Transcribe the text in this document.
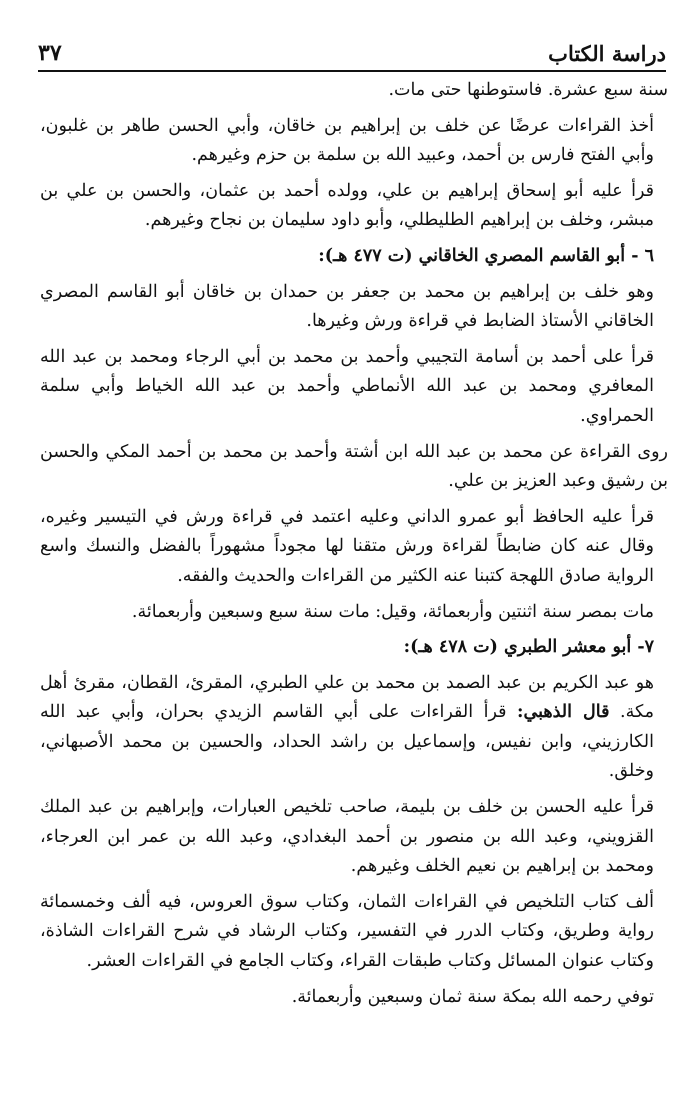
دراسة الكتاب
٣٧

سنة سبع عشرة. فاستوطنها حتى مات.

أخذ القراءات عرضًا عن خلف بن إبراهيم بن خاقان، وأبي الحسن طاهر بن غلبون، وأبي الفتح فارس بن أحمد، وعبيد الله بن سلمة بن حزم وغيرهم.

قرأ عليه أبو إسحاق إبراهيم بن علي، وولده أحمد بن عثمان، والحسن بن علي بن مبشر، وخلف بن إبراهيم الطليطلي، وأبو داود سليمان بن نجاح وغيرهم.

٦ - أبو القاسم المصري الخاقاني (ت ٤٧٧ هـ):

وهو خلف بن إبراهيم بن محمد بن جعفر بن حمدان بن خاقان أبو القاسم المصري الخاقاني الأستاذ الضابط في قراءة ورش وغيرها.

قرأ على أحمد بن أسامة التجيبي وأحمد بن محمد بن أبي الرجاء ومحمد بن عبد الله المعافري ومحمد بن عبد الله الأنماطي وأحمد بن عبد الله الخياط وأبي سلمة الحمراوي.

روى القراءة عن محمد بن عبد الله ابن أشتة وأحمد بن محمد بن أحمد المكي والحسن بن رشيق وعبد العزيز بن علي.

قرأ عليه الحافظ أبو عمرو الداني وعليه اعتمد في قراءة ورش في التيسير وغيره، وقال عنه كان ضابطاً لقراءة ورش متقنا لها مجوداً مشهوراً بالفضل والنسك واسع الرواية صادق اللهجة كتبنا عنه الكثير من القراءات والحديث والفقه.

مات بمصر سنة اثنتين وأربعمائة، وقيل: مات سنة سبع وسبعين وأربعمائة.

٧- أبو معشر الطبري (ت ٤٧٨ هـ):

هو عبد الكريم بن عبد الصمد بن محمد بن علي الطبري، المقرئ، القطان، مقرئ أهل مكة. قال الذهبي: قرأ القراءات على أبي القاسم الزيدي بحران، وأبي عبد الله الكارزيني، وابن نفيس، وإسماعيل بن راشد الحداد، والحسين بن محمد الأصبهاني، وخلق.

قرأ عليه الحسن بن خلف بن بليمة، صاحب تلخيص العبارات، وإبراهيم بن عبد الملك القزويني، وعبد الله بن منصور بن أحمد البغدادي، وعبد الله بن عمر ابن العرجاء، ومحمد بن إبراهيم بن نعيم الخلف وغيرهم.

ألف كتاب التلخيص في القراءات الثمان، وكتاب سوق العروس، فيه ألف وخمسمائة رواية وطريق، وكتاب الدرر في التفسير، وكتاب الرشاد في شرح القراءات الشاذة، وكتاب عنوان المسائل وكتاب طبقات القراء، وكتاب الجامع في القراءات العشر.

توفي رحمه الله بمكة سنة ثمان وسبعين وأربعمائة.
